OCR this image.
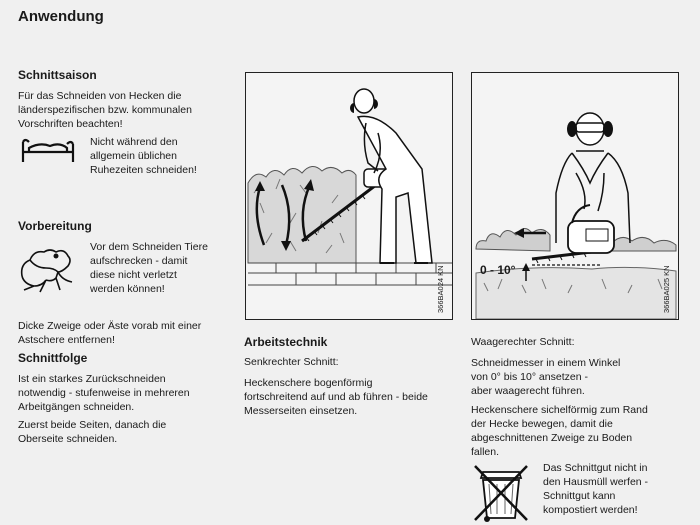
Anwendung
Schnittsaison
Für das Schneiden von Hecken die
länderspezifischen bzw. kommunalen
Vorschriften beachten!
Nicht während den
allgemein üblichen
Ruhezeiten schneiden!
Vorbereitung
Vor dem Schneiden Tiere
aufschrecken - damit
diese nicht verletzt
werden können!
Dicke Zweige oder Äste vorab mit einer
Astschere entfernen!
Schnittfolge
Ist ein starkes Zurückschneiden
notwendig - stufenweise in mehreren
Arbeitgängen schneiden.
Zuerst beide Seiten, danach die
Oberseite schneiden.
366BA024 KN
Arbeitstechnik
Senkrechter Schnitt:
Heckenschere bogenförmig
fortschreitend auf und ab führen - beide
Messerseiten einsetzen.
0 - 10°	366BA025 KN
Waagerechter Schnitt:
Schneidmesser in einem Winkel
von 0° bis 10° ansetzen -
aber waagerecht führen.
Heckenschere sichelförmig zum Rand
der Hecke bewegen, damit die
abgeschnittenen Zweige zu Boden
fallen.
Das Schnittgut nicht in
den Hausmüll werfen -
Schnittgut kann
kompostiert werden!
